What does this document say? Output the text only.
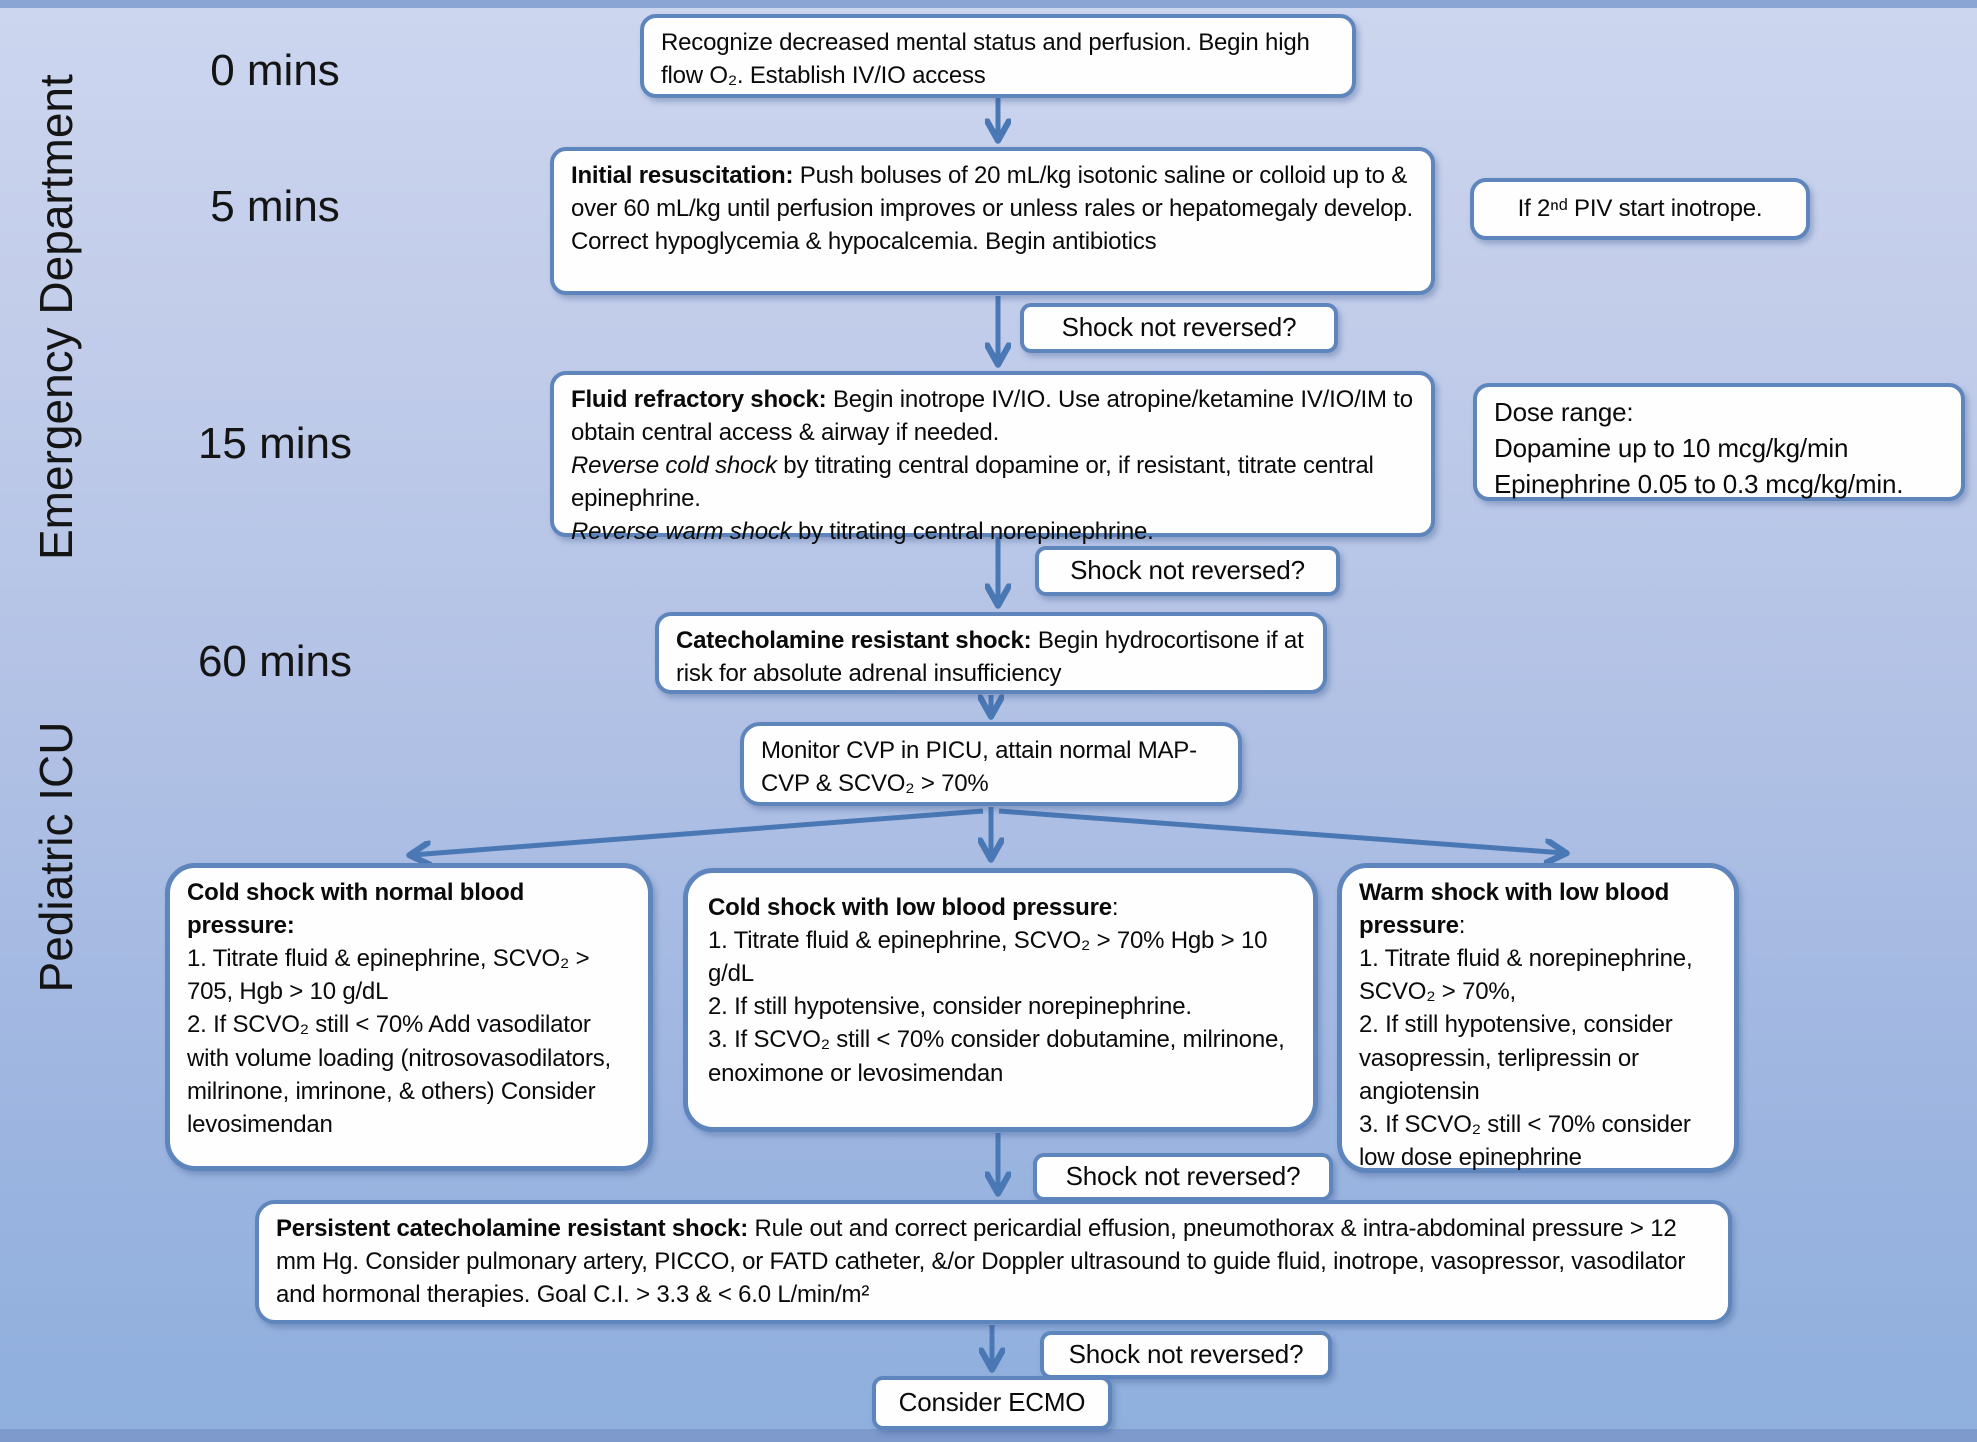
Emergency Department
Pediatric ICU
0 mins
5 mins
15 mins
60 mins
Recognize decreased mental status and perfusion. Begin high flow O₂. Establish IV/IO access
Initial resuscitation: Push boluses of 20 mL/kg isotonic saline or colloid up to & over 60 mL/kg until perfusion improves or unless rales or hepatomegaly develop.
Correct hypoglycemia & hypocalcemia. Begin antibiotics
If 2ⁿᵈ PIV start inotrope.
Shock not reversed?
Fluid refractory shock: Begin inotrope IV/IO. Use atropine/ketamine IV/IO/IM to obtain central access & airway if needed.
Reverse cold shock by titrating central dopamine or, if resistant, titrate central epinephrine.
Reverse warm shock by titrating central norepinephrine.
Dose range:
Dopamine up to 10 mcg/kg/min
Epinephrine 0.05 to 0.3 mcg/kg/min.
Shock not reversed?
Catecholamine resistant shock: Begin hydrocortisone if at risk for absolute adrenal insufficiency
Monitor CVP in PICU, attain normal MAP-CVP & SCVO₂ > 70%
Cold shock with normal blood pressure:
1. Titrate fluid & epinephrine, SCVO₂ > 705, Hgb > 10 g/dL
2. If SCVO₂ still < 70% Add vasodilator with volume loading (nitrosovasodilators, milrinone, imrinone, & others) Consider levosimendan
Cold shock with low blood pressure:
1. Titrate fluid & epinephrine, SCVO₂ > 70% Hgb > 10 g/dL
2. If still hypotensive, consider norepinephrine.
3. If SCVO₂ still < 70% consider dobutamine, milrinone, enoximone or levosimendan
Warm shock with low blood pressure:
1. Titrate fluid & norepinephrine, SCVO₂ > 70%,
2. If still hypotensive, consider vasopressin, terlipressin or angiotensin
3. If SCVO₂ still < 70% consider low dose epinephrine
Shock not reversed?
Persistent catecholamine resistant shock: Rule out and correct pericardial effusion, pneumothorax & intra-abdominal pressure > 12 mm Hg. Consider pulmonary artery, PICCO, or FATD catheter, &/or Doppler ultrasound to guide fluid, inotrope, vasopressor, vasodilator and hormonal therapies. Goal C.I. > 3.3 & < 6.0 L/min/m²
Shock not reversed?
Consider ECMO
